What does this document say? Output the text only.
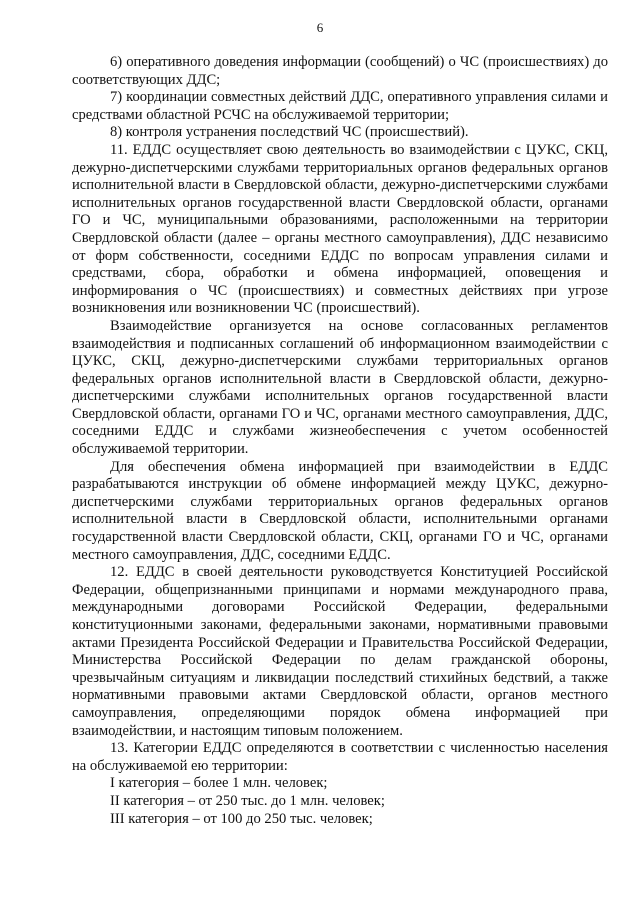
6

6) оперативного доведения информации (сообщений) о ЧС (происшествиях) до соответствующих ДДС;

7) координации совместных действий ДДС, оперативного управления силами и средствами областной РСЧС на обслуживаемой территории;

8) контроля устранения последствий ЧС (происшествий).

11. ЕДДС осуществляет свою деятельность во взаимодействии с ЦУКС, СКЦ, дежурно-диспетчерскими службами территориальных органов федеральных органов исполнительной власти в Свердловской области, дежурно-диспетчерскими службами исполнительных органов государственной власти Свердловской области, органами ГО и ЧС, муниципальными образованиями, расположенными на территории Свердловской области (далее – органы местного самоуправления), ДДС независимо от форм собственности, соседними ЕДДС по вопросам управления силами и средствами, сбора, обработки и обмена информацией, оповещения и информирования о ЧС (происшествиях) и совместных действиях при угрозе возникновения или возникновении ЧС (происшествий).

Взаимодействие организуется на основе согласованных регламентов взаимодействия и подписанных соглашений об информационном взаимодействии с ЦУКС, СКЦ, дежурно-диспетчерскими службами территориальных органов федеральных органов исполнительной власти в Свердловской области, дежурно-диспетчерскими службами исполнительных органов государственной власти Свердловской области, органами ГО и ЧС, органами местного самоуправления, ДДС, соседними ЕДДС и службами жизнеобеспечения с учетом особенностей обслуживаемой территории.

Для обеспечения обмена информацией при взаимодействии в ЕДДС разрабатываются инструкции об обмене информацией между ЦУКС, дежурно-диспетчерскими службами территориальных органов федеральных органов исполнительной власти в Свердловской области, исполнительными органами государственной власти Свердловской области, СКЦ, органами ГО и ЧС, органами местного самоуправления, ДДС, соседними ЕДДС.

12. ЕДДС в своей деятельности руководствуется Конституцией Российской Федерации, общепризнанными принципами и нормами международного права, международными договорами Российской Федерации, федеральными конституционными законами, федеральными законами, нормативными правовыми актами Президента Российской Федерации и Правительства Российской Федерации, Министерства Российской Федерации по делам гражданской обороны, чрезвычайным ситуациям и ликвидации последствий стихийных бедствий, а также нормативными правовыми актами Свердловской области, органов местного самоуправления, определяющими порядок обмена информацией при взаимодействии, и настоящим типовым положением.

13. Категории ЕДДС определяются в соответствии с численностью населения на обслуживаемой ею территории:

I категория – более 1 млн. человек;

II категория – от 250 тыс. до 1 млн. человек;

III категория – от 100 до 250 тыс. человек;
